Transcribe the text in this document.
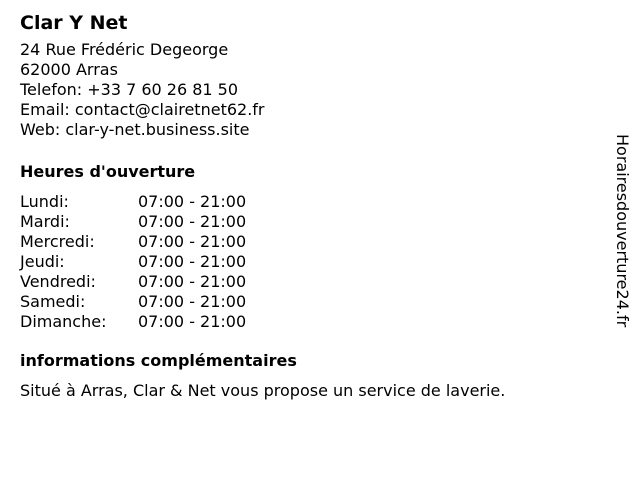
Clar Y Net
24 Rue Frédéric Degeorge
62000 Arras
Telefon: +33 7 60 26 81 50
Email: contact@clairetnet62.fr
Web: clar-y-net.business.site
Heures d'ouverture
Lundi:	07:00 - 21:00
Mardi:	07:00 - 21:00
Mercredi:	07:00 - 21:00
Jeudi:	07:00 - 21:00
Vendredi:	07:00 - 21:00
Samedi:	07:00 - 21:00
Dimanche: 07:00 - 21:00
informations complémentaires
Situé à Arras, Clar & Net vous propose un service de laverie.
Horairesdouverture24.fr
